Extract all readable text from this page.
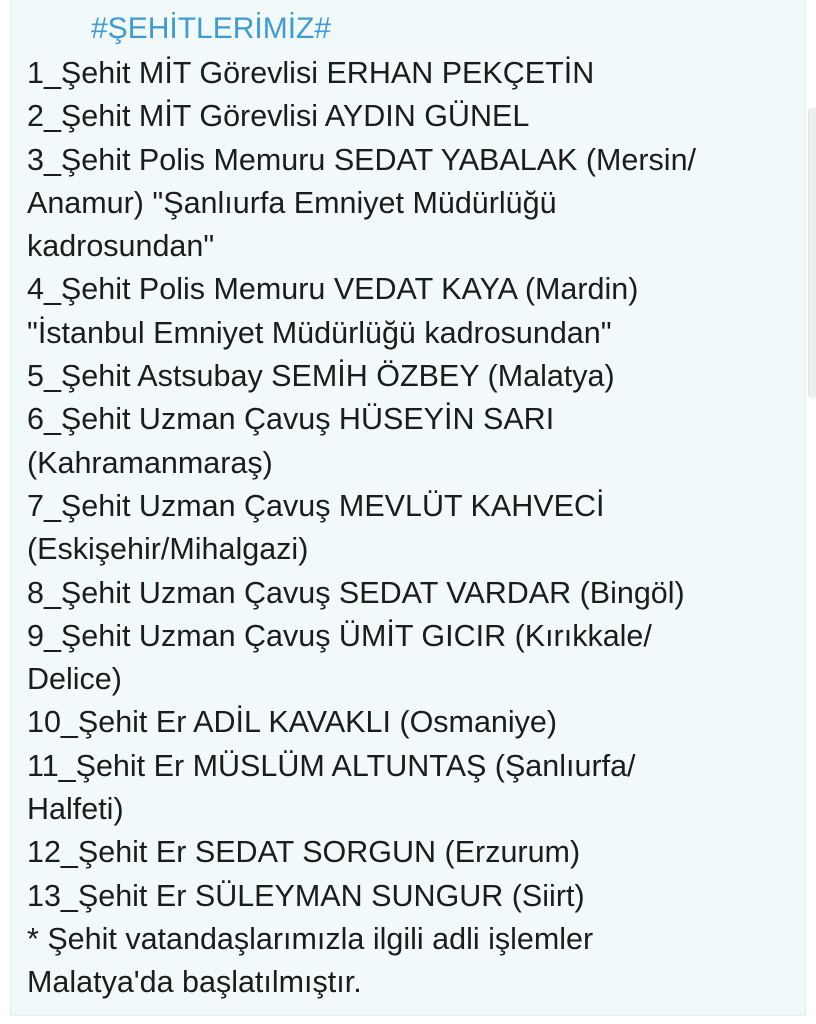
#ŞEHİTLERİMİZ#

1_Şehit MİT Görevlisi ERHAN PEKÇETİN
2_Şehit MİT Görevlisi AYDIN GÜNEL
3_Şehit Polis Memuru SEDAT YABALAK (Mersin/
Anamur) "Şanlıurfa Emniyet Müdürlüğü
kadrosundan"
4_Şehit Polis Memuru VEDAT KAYA (Mardin)
"İstanbul Emniyet Müdürlüğü kadrosundan"
5_Şehit Astsubay SEMİH ÖZBEY (Malatya)
6_Şehit Uzman Çavuş HÜSEYİN SARI
(Kahramanmaraş)
7_Şehit Uzman Çavuş MEVLÜT KAHVECİ
(Eskişehir/Mihalgazi)
8_Şehit Uzman Çavuş SEDAT VARDAR (Bingöl)
9_Şehit Uzman Çavuş ÜMİT GICIR (Kırıkkale/
Delice)
10_Şehit Er ADİL KAVAKLI (Osmaniye)
11_Şehit Er MÜSLÜM ALTUNTAŞ (Şanlıurfa/
Halfeti)
12_Şehit Er SEDAT SORGUN (Erzurum)
13_Şehit Er SÜLEYMAN SUNGUR (Siirt)
* Şehit vatandaşlarımızla ilgili adli işlemler
Malatya'da başlatılmıştır.
